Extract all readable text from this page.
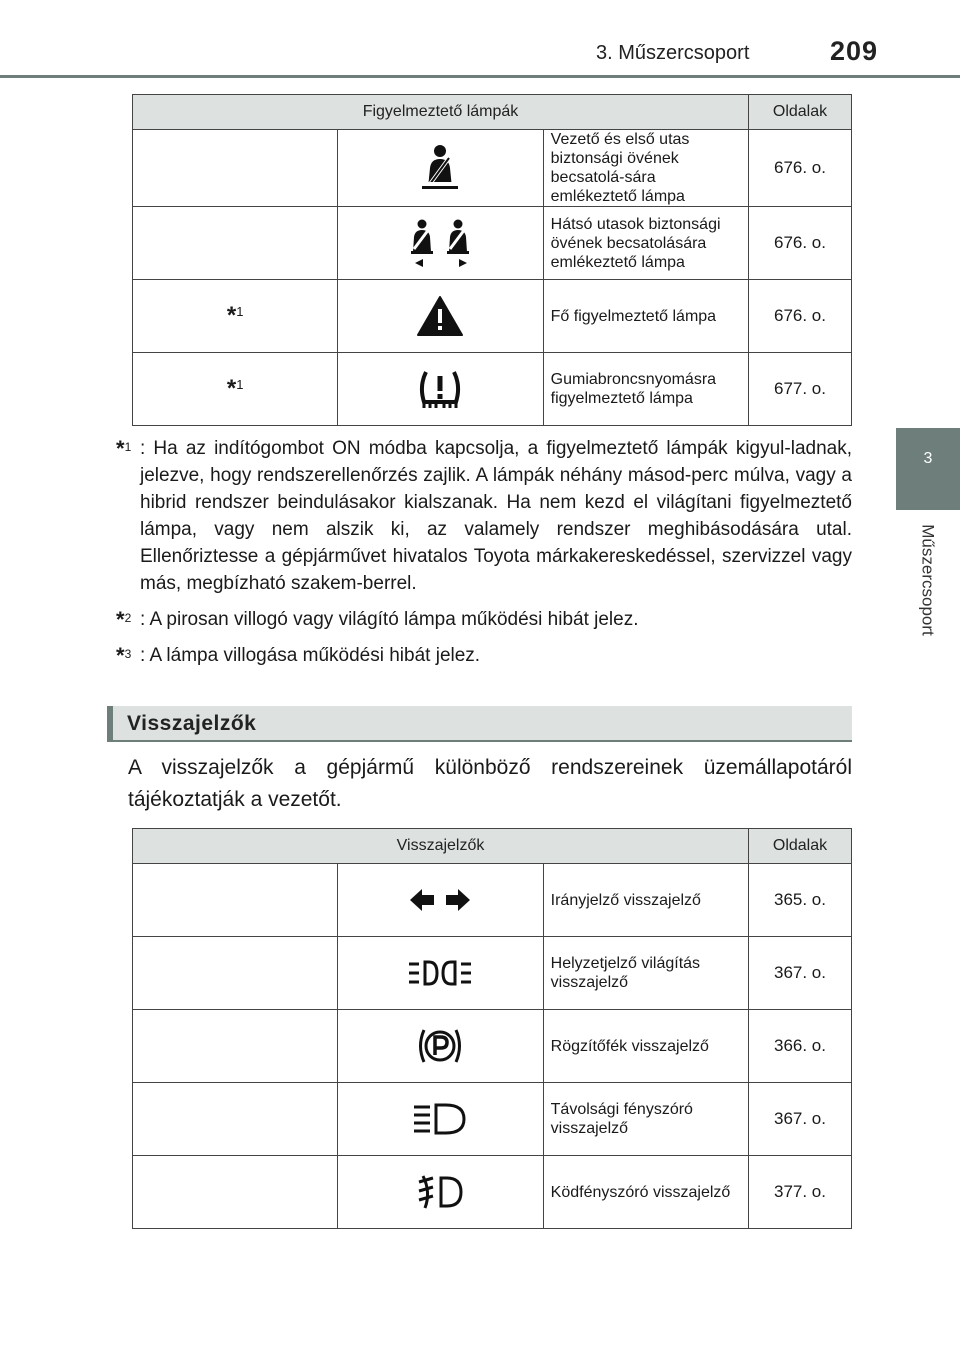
3. Műszercsoport	209
3
Műszercsoport
Figyelmeztető lámpák			Oldalak

	Vezető és első utas biztonsági övének becsatolá-sára emlékeztető lámpa	676. o.

	Hátsó utasok biztonsági övének becsatolására emlékeztető lámpa	676. o.
*$^1$		Fő figyelmeztető lámpa	676. o.
*$^1$		Gumiabroncsnyomásra figyelmeztető lámpa	677. o.
*$^1$ : Ha az indítógombot ON módba kapcsolja, a figyelmeztető lámpák kigyul-ladnak, jelezve, hogy rendszerellenőrzés zajlik. A lámpák néhány másod-perc múlva, vagy a hibrid rendszer beindulásakor kialszanak. Ha nem kezd el világítani figyelmeztető lámpa, vagy nem alszik ki, az valamely rendszer meghibásodására utal. Ellenőriztesse a gépjárművet hivatalos Toyota márkakereskedéssel, szervizzel vagy más, megbízható szakem-berrel.
*$^2$ : A pirosan villogó vagy világító lámpa működési hibát jelez.
*$^3$ : A lámpa villogása működési hibát jelez.
Visszajelzők
A visszajelzők a gépjármű különböző rendszereinek üzemállapotáról tájékoztatják a vezetőt.
Visszajelzők			Oldalak

	Irányjelző visszajelző	365. o.

	Helyzetjelző világítás visszajelző	367. o.

	Rögzítőfék visszajelző	366. o.

	Távolsági fényszóró visszajelző	367. o.

	Ködfényszóró visszajelző	377. o.
